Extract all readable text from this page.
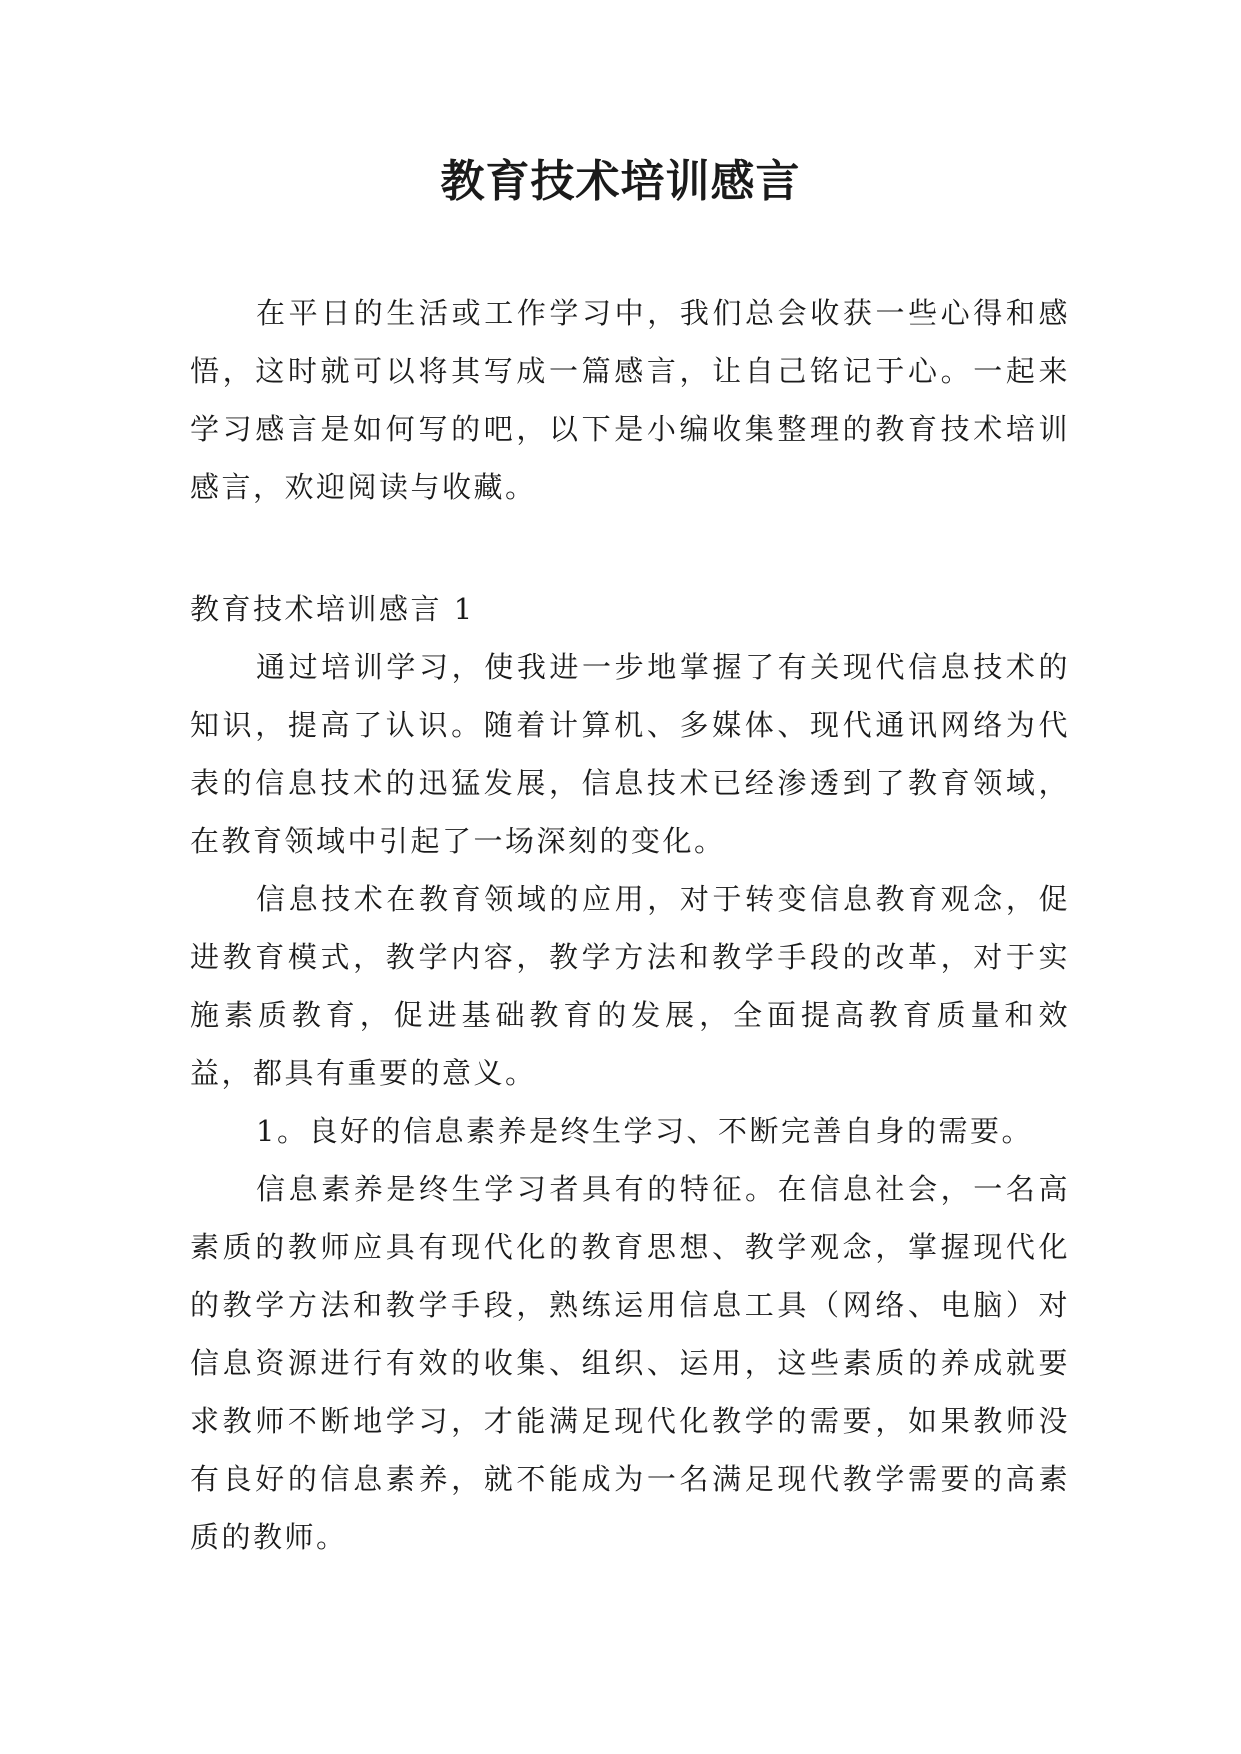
教育技术培训感言

在平日的生活或工作学习中，我们总会收获一些心得和感悟，这时就可以将其写成一篇感言，让自己铭记于心。一起来学习感言是如何写的吧，以下是小编收集整理的教育技术培训感言，欢迎阅读与收藏。

教育技术培训感言 1

通过培训学习，使我进一步地掌握了有关现代信息技术的知识，提高了认识。随着计算机、多媒体、现代通讯网络为代表的信息技术的迅猛发展，信息技术已经渗透到了教育领域，在教育领域中引起了一场深刻的变化。

信息技术在教育领域的应用，对于转变信息教育观念，促进教育模式，教学内容，教学方法和教学手段的改革，对于实施素质教育，促进基础教育的发展，全面提高教育质量和效益，都具有重要的意义。

1。良好的信息素养是终生学习、不断完善自身的需要。

信息素养是终生学习者具有的特征。在信息社会，一名高素质的教师应具有现代化的教育思想、教学观念，掌握现代化的教学方法和教学手段，熟练运用信息工具（网络、电脑）对信息资源进行有效的收集、组织、运用，这些素质的养成就要求教师不断地学习，才能满足现代化教学的需要，如果教师没有良好的信息素养，就不能成为一名满足现代教学需要的高素质的教师。
